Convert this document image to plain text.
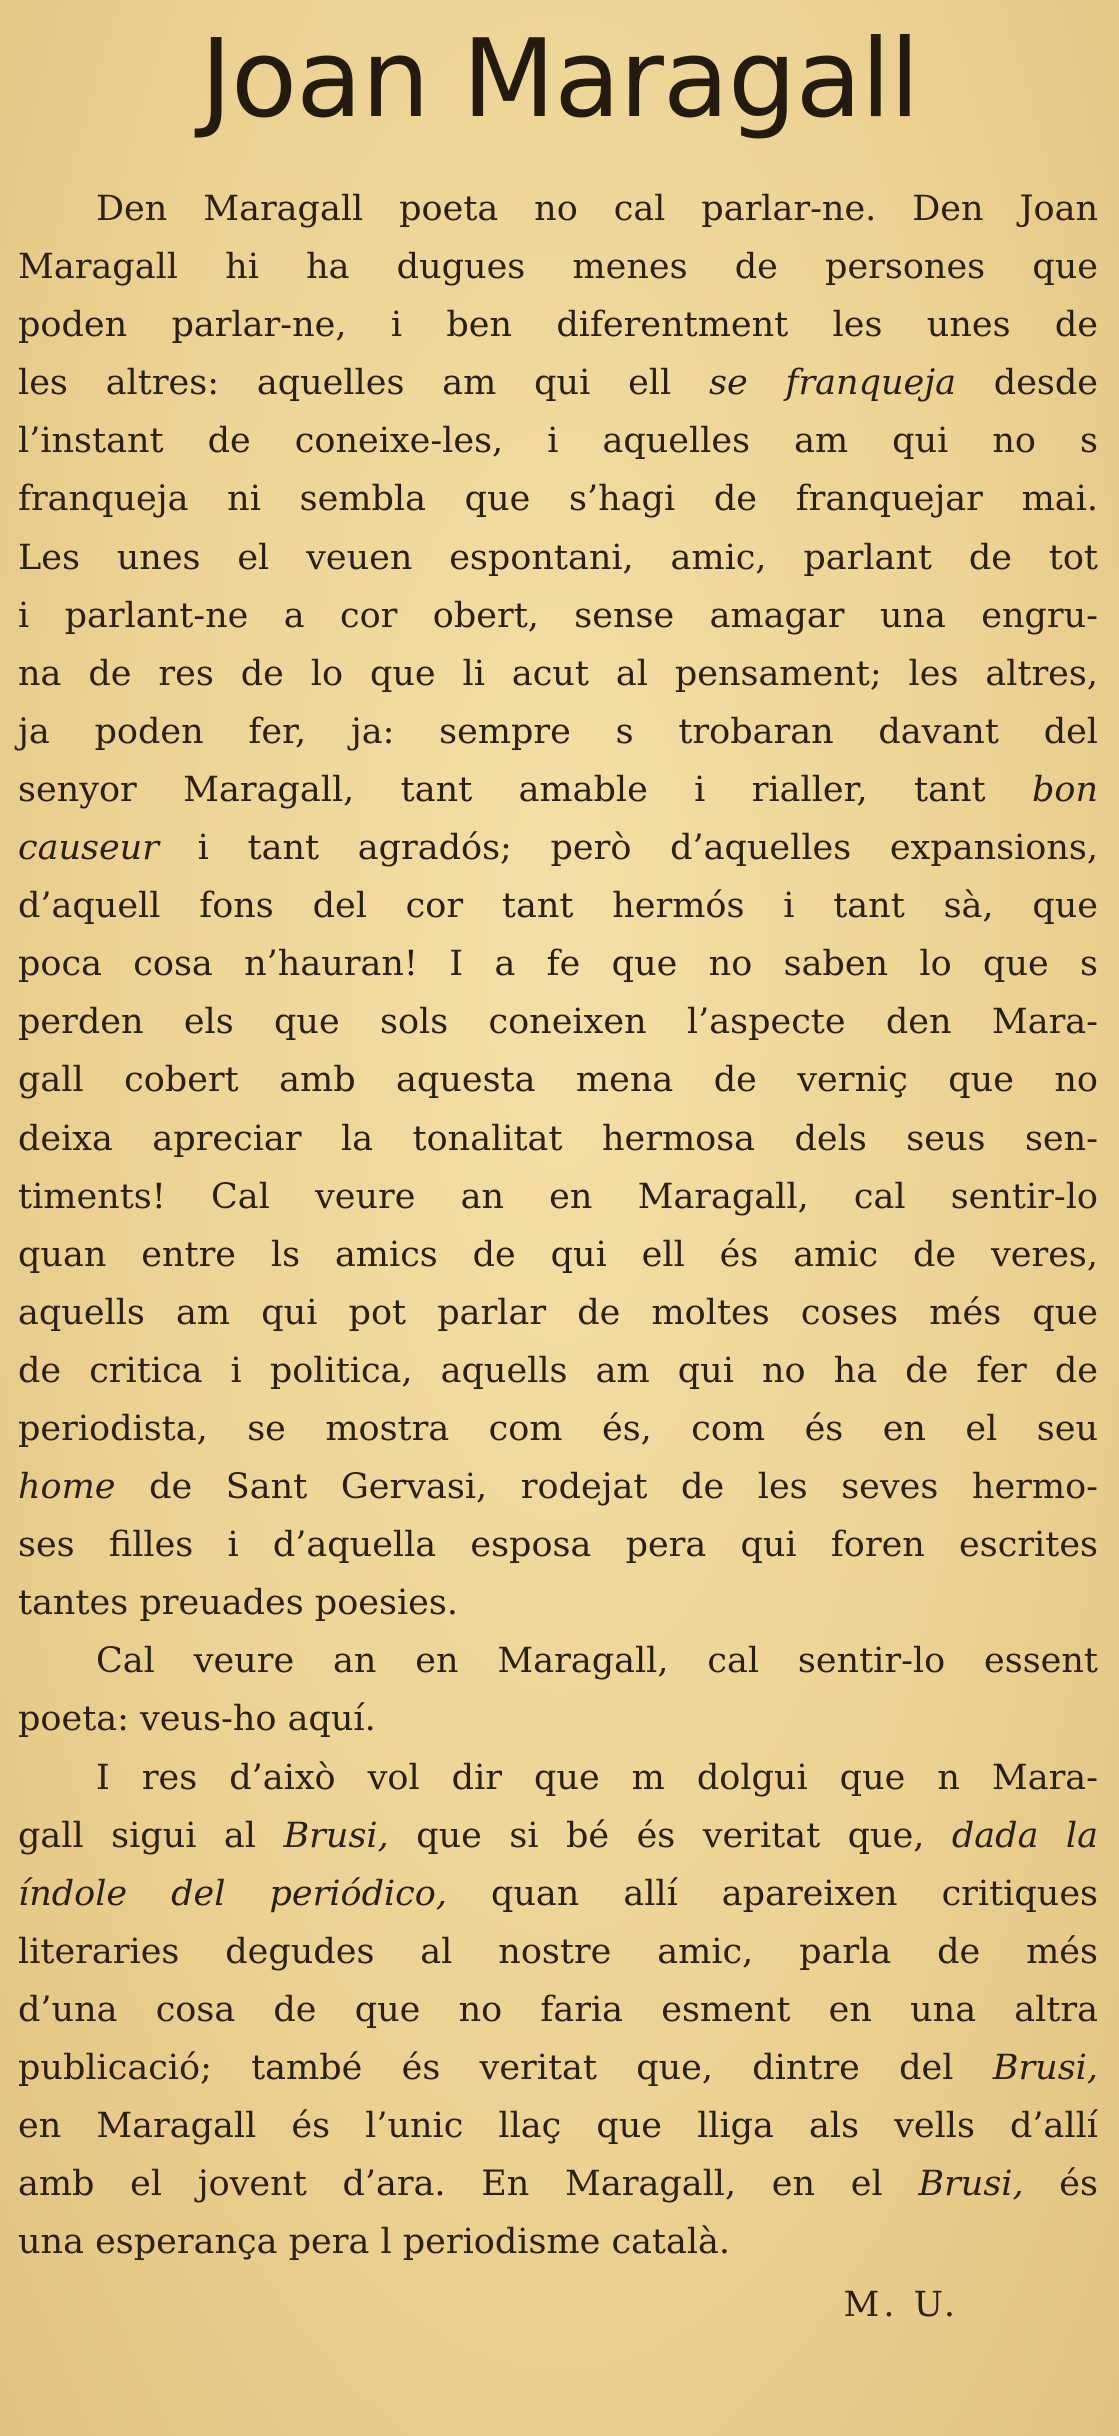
Joan Maragall
Den Maragall poeta no cal parlar-ne. Den Joan
Maragall hi ha dugues menes de persones que
poden parlar-ne, i ben diferentment les unes de
les altres: aquelles am qui ell se franqueja desde
l’instant de coneixe-les, i aquelles am qui no s
franqueja ni sembla que s’hagi de franquejar mai.
Les unes el veuen espontani, amic, parlant de tot
i parlant-ne a cor obert, sense amagar una engru-
na de res de lo que li acut al pensament; les altres,
ja poden fer, ja: sempre s trobaran davant del
senyor Maragall, tant amable i rialler, tant bon
causeur i tant agradós; però d’aquelles expansions,
d’aquell fons del cor tant hermós i tant sà, que
poca cosa n’hauran! I a fe que no saben lo que s
perden els que sols coneixen l’aspecte den Mara-
gall cobert amb aquesta mena de verniç que no
deixa apreciar la tonalitat hermosa dels seus sen-
timents! Cal veure an en Maragall, cal sentir-lo
quan entre ls amics de qui ell és amic de veres,
aquells am qui pot parlar de moltes coses més que
de critica i politica, aquells am qui no ha de fer de
periodista, se mostra com és, com és en el seu
home de Sant Gervasi, rodejat de les seves hermo-
ses filles i d’aquella esposa pera qui foren escrites
tantes preuades poesies.
Cal veure an en Maragall, cal sentir-lo essent
poeta: veus-ho aquí.
I res d’això vol dir que m dolgui que n Mara-
gall sigui al Brusi, que si bé és veritat que, dada la
índole del periódico, quan allí apareixen critiques
literaries degudes al nostre amic, parla de més
d’una cosa de que no faria esment en una altra
publicació; també és veritat que, dintre del Brusi,
en Maragall és l’unic llaç que lliga als vells d’allí
amb el jovent d’ara. En Maragall, en el Brusi, és
una esperança pera l periodisme català.
M. U.
